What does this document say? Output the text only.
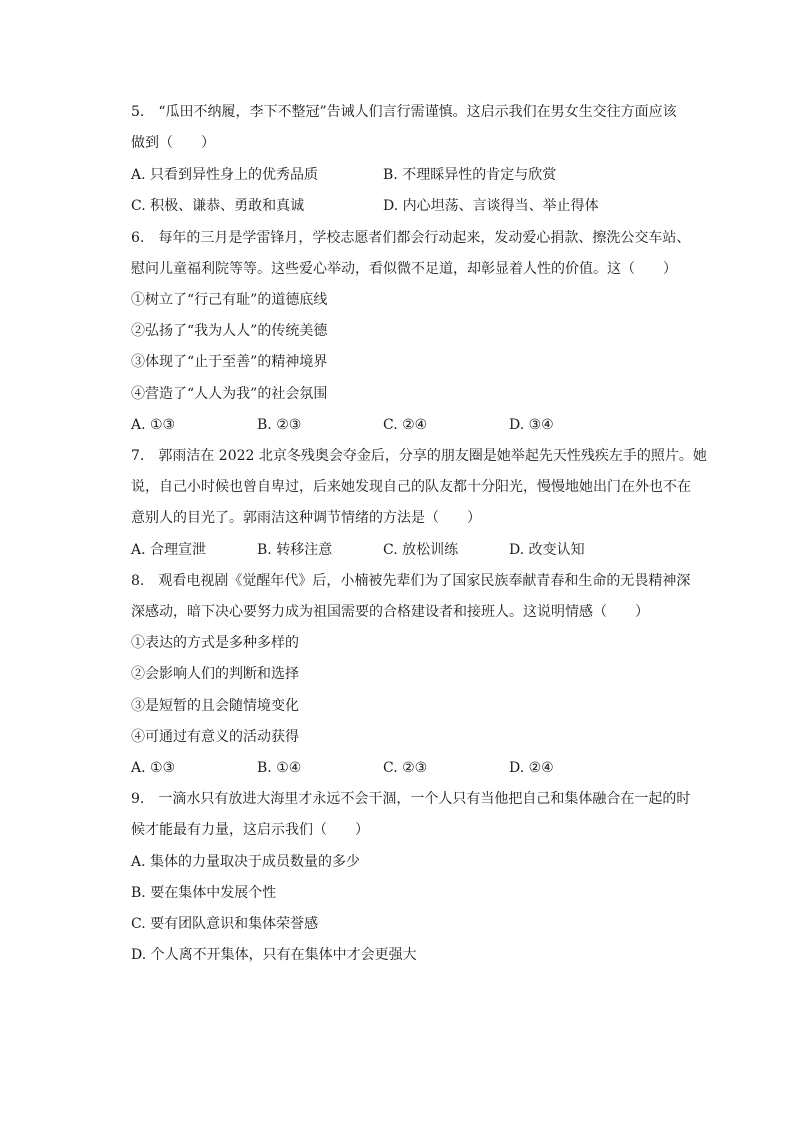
5.　“瓜田不纳履，李下不整冠”告诫人们言行需谨慎。这启示我们在男女生交往方面应该
做到（　　）
A. 只看到异性身上的优秀品质	B. 不理睬异性的肯定与欣赏
C. 积极、谦恭、勇敢和真诚	D. 内心坦荡、言谈得当、举止得体
6.　每年的三月是学雷锋月，学校志愿者们都会行动起来，发动爱心捐款、擦洗公交车站、
慰问儿童福利院等等。这些爱心举动，看似微不足道，却彰显着人性的价值。这（　　）
①树立了“行己有耻”的道德底线
②弘扬了“我为人人”的传统美德
③体现了“止于至善”的精神境界
④营造了“人人为我”的社会氛围
A. ①③	B. ②③	C. ②④	D. ③④
7.　郭雨洁在 2022 北京冬残奥会夺金后，分享的朋友圈是她举起先天性残疾左手的照片。她
说，自己小时候也曾自卑过，后来她发现自己的队友都十分阳光，慢慢地她出门在外也不在
意别人的目光了。郭雨洁这种调节情绪的方法是（　　）
A. 合理宣泄	B. 转移注意	C. 放松训练	D. 改变认知
8.　观看电视剧《觉醒年代》后，小楠被先辈们为了国家民族奉献青春和生命的无畏精神深
深感动，暗下决心要努力成为祖国需要的合格建设者和接班人。这说明情感（　　）
①表达的方式是多种多样的
②会影响人们的判断和选择
③是短暂的且会随情境变化
④可通过有意义的活动获得
A. ①③	B. ①④	C. ②③	D. ②④
9.　一滴水只有放进大海里才永远不会干涸，一个人只有当他把自己和集体融合在一起的时
候才能最有力量，这启示我们（　　）
A. 集体的力量取决于成员数量的多少
B. 要在集体中发展个性
C. 要有团队意识和集体荣誉感
D. 个人离不开集体，只有在集体中才会更强大
